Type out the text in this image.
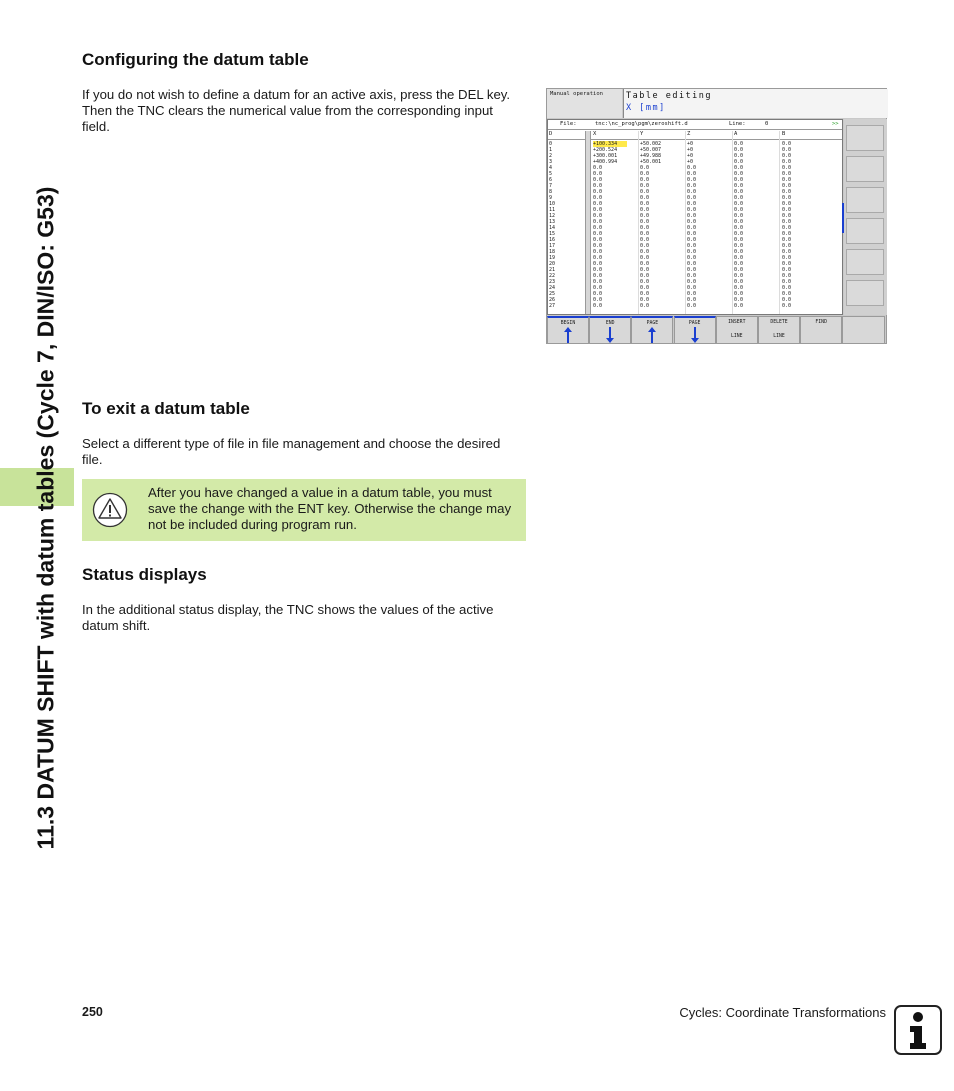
11.3 DATUM SHIFT with datum tables (Cycle 7, DIN/ISO: G53)
Configuring the datum table

If you do not wish to define a datum for an active axis, press the DEL key. Then the TNC clears the numerical value from the corresponding input field.

To exit a datum table

Select a different type of file in file management and choose the desired file.

After you have changed a value in a datum table, you must save the change with the ENT key. Otherwise the change may not be included during program run.

Status displays

In the additional status display, the TNC shows the values of the active datum shift.

Manual operation	Table editing
X [mm]
File:	tnc:\nc_prog\pgm\zeroshift.d	Line:	0	>>
D	X	Y	Z	A	B
0	+100.334	+50.002	+0	0.0	0.0
1	+200.524	+50.007	+0	0.0	0.0
2	+300.001	+49.988	+0	0.0	0.0
3	+400.994	+50.001	+0	0.0	0.0
4	0.0	0.0	0.0	0.0	0.0
5	0.0	0.0	0.0	0.0	0.0
6	0.0	0.0	0.0	0.0	0.0
7	0.0	0.0	0.0	0.0	0.0
8	0.0	0.0	0.0	0.0	0.0
9	0.0	0.0	0.0	0.0	0.0
10	0.0	0.0	0.0	0.0	0.0
11	0.0	0.0	0.0	0.0	0.0
12	0.0	0.0	0.0	0.0	0.0
13	0.0	0.0	0.0	0.0	0.0
14	0.0	0.0	0.0	0.0	0.0
15	0.0	0.0	0.0	0.0	0.0
16	0.0	0.0	0.0	0.0	0.0
17	0.0	0.0	0.0	0.0	0.0
18	0.0	0.0	0.0	0.0	0.0
19	0.0	0.0	0.0	0.0	0.0
20	0.0	0.0	0.0	0.0	0.0
21	0.0	0.0	0.0	0.0	0.0
22	0.0	0.0	0.0	0.0	0.0
23	0.0	0.0	0.0	0.0	0.0
24	0.0	0.0	0.0	0.0	0.0
25	0.0	0.0	0.0	0.0	0.0
26	0.0	0.0	0.0	0.0	0.0
27	0.0	0.0	0.0	0.0	0.0
BEGIN	END	PAGE	PAGE	INSERT
LINE
DELETE
LINE
FIND
250	Cycles: Coordinate Transformations
